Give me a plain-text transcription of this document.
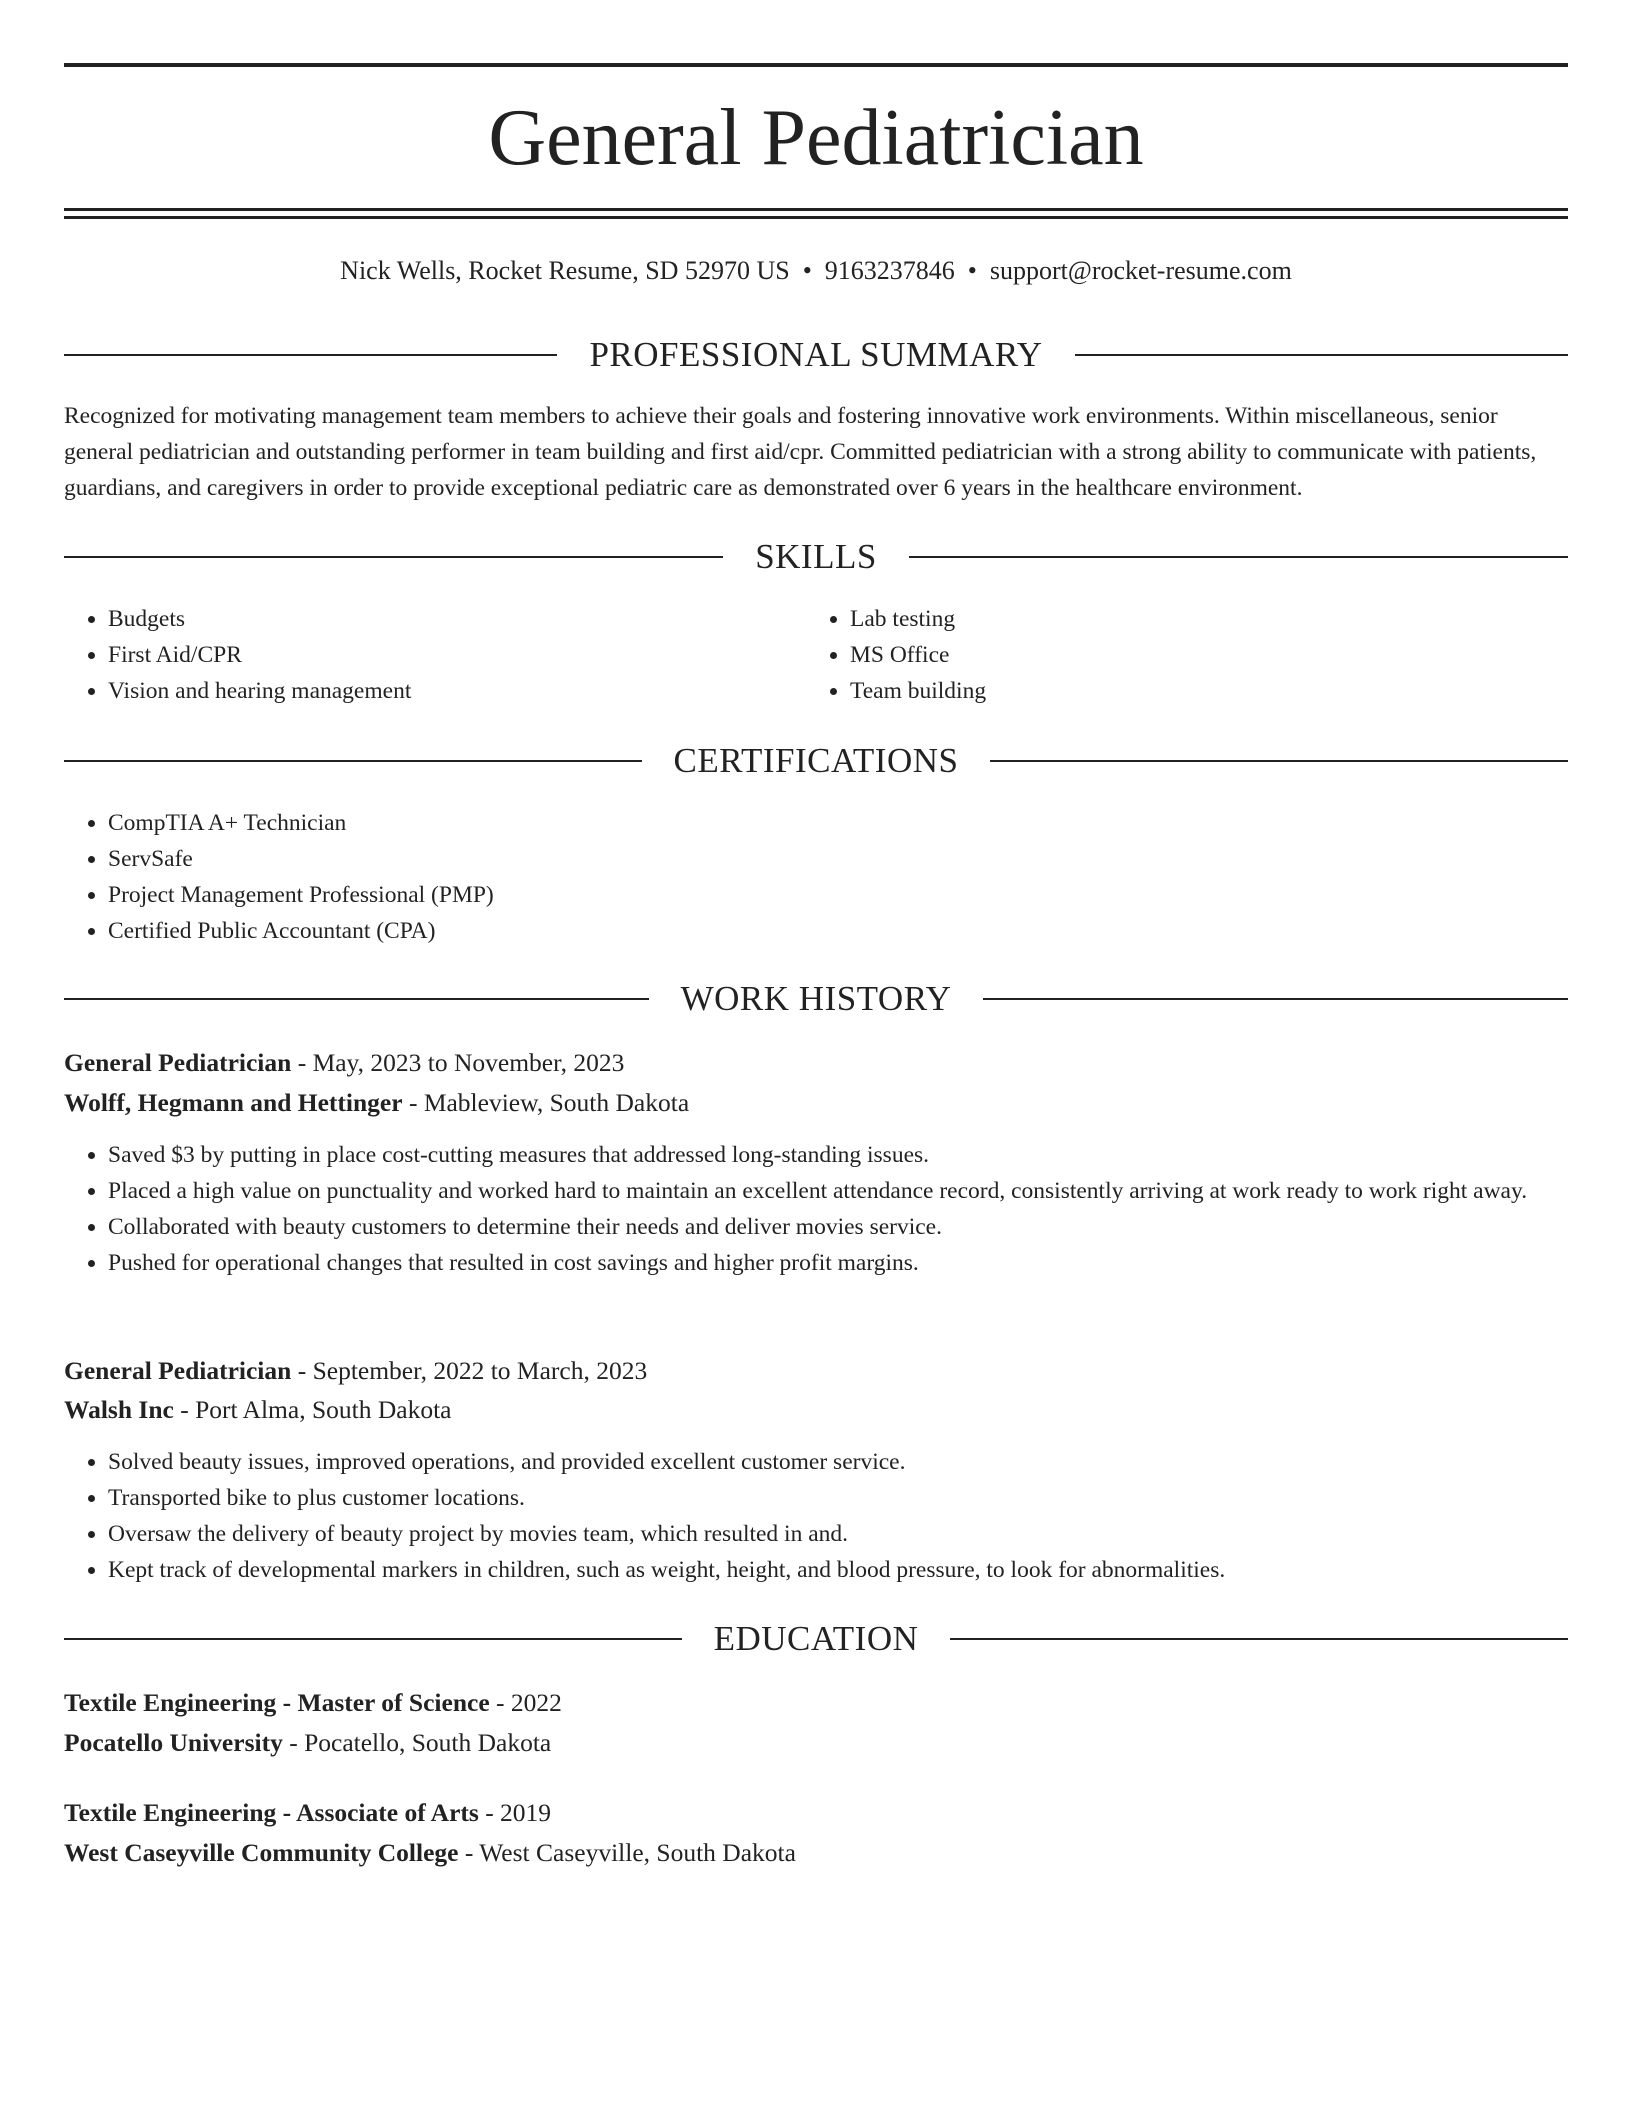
General Pediatrician
Nick Wells, Rocket Resume, SD 52970 US • 9163237846 • support@rocket-resume.com
PROFESSIONAL SUMMARY

Recognized for motivating management team members to achieve their goals and fostering innovative work environments. Within miscellaneous, senior general pediatrician and outstanding performer in team building and first aid/cpr. Committed pediatrician with a strong ability to communicate with patients, guardians, and caregivers in order to provide exceptional pediatric care as demonstrated over 6 years in the healthcare environment.

SKILLS
• Budgets
• First Aid/CPR
• Vision and hearing management
• Lab testing
• MS Office
• Team building
CERTIFICATIONS
• CompTIA A+ Technician
• ServSafe
• Project Management Professional (PMP)
• Certified Public Accountant (CPA)
WORK HISTORY
General Pediatrician - May, 2023 to November, 2023
Wolff, Hegmann and Hettinger - Mableview, South Dakota
• Saved $3 by putting in place cost-cutting measures that addressed long-standing issues.
• Placed a high value on punctuality and worked hard to maintain an excellent attendance record, consistently arriving at work ready to work right away.
• Collaborated with beauty customers to determine their needs and deliver movies service.
• Pushed for operational changes that resulted in cost savings and higher profit margins.
General Pediatrician - September, 2022 to March, 2023
Walsh Inc - Port Alma, South Dakota
• Solved beauty issues, improved operations, and provided excellent customer service.
• Transported bike to plus customer locations.
• Oversaw the delivery of beauty project by movies team, which resulted in and.
• Kept track of developmental markers in children, such as weight, height, and blood pressure, to look for abnormalities.
EDUCATION
Textile Engineering - Master of Science - 2022
Pocatello University - Pocatello, South Dakota
Textile Engineering - Associate of Arts - 2019
West Caseyville Community College - West Caseyville, South Dakota
